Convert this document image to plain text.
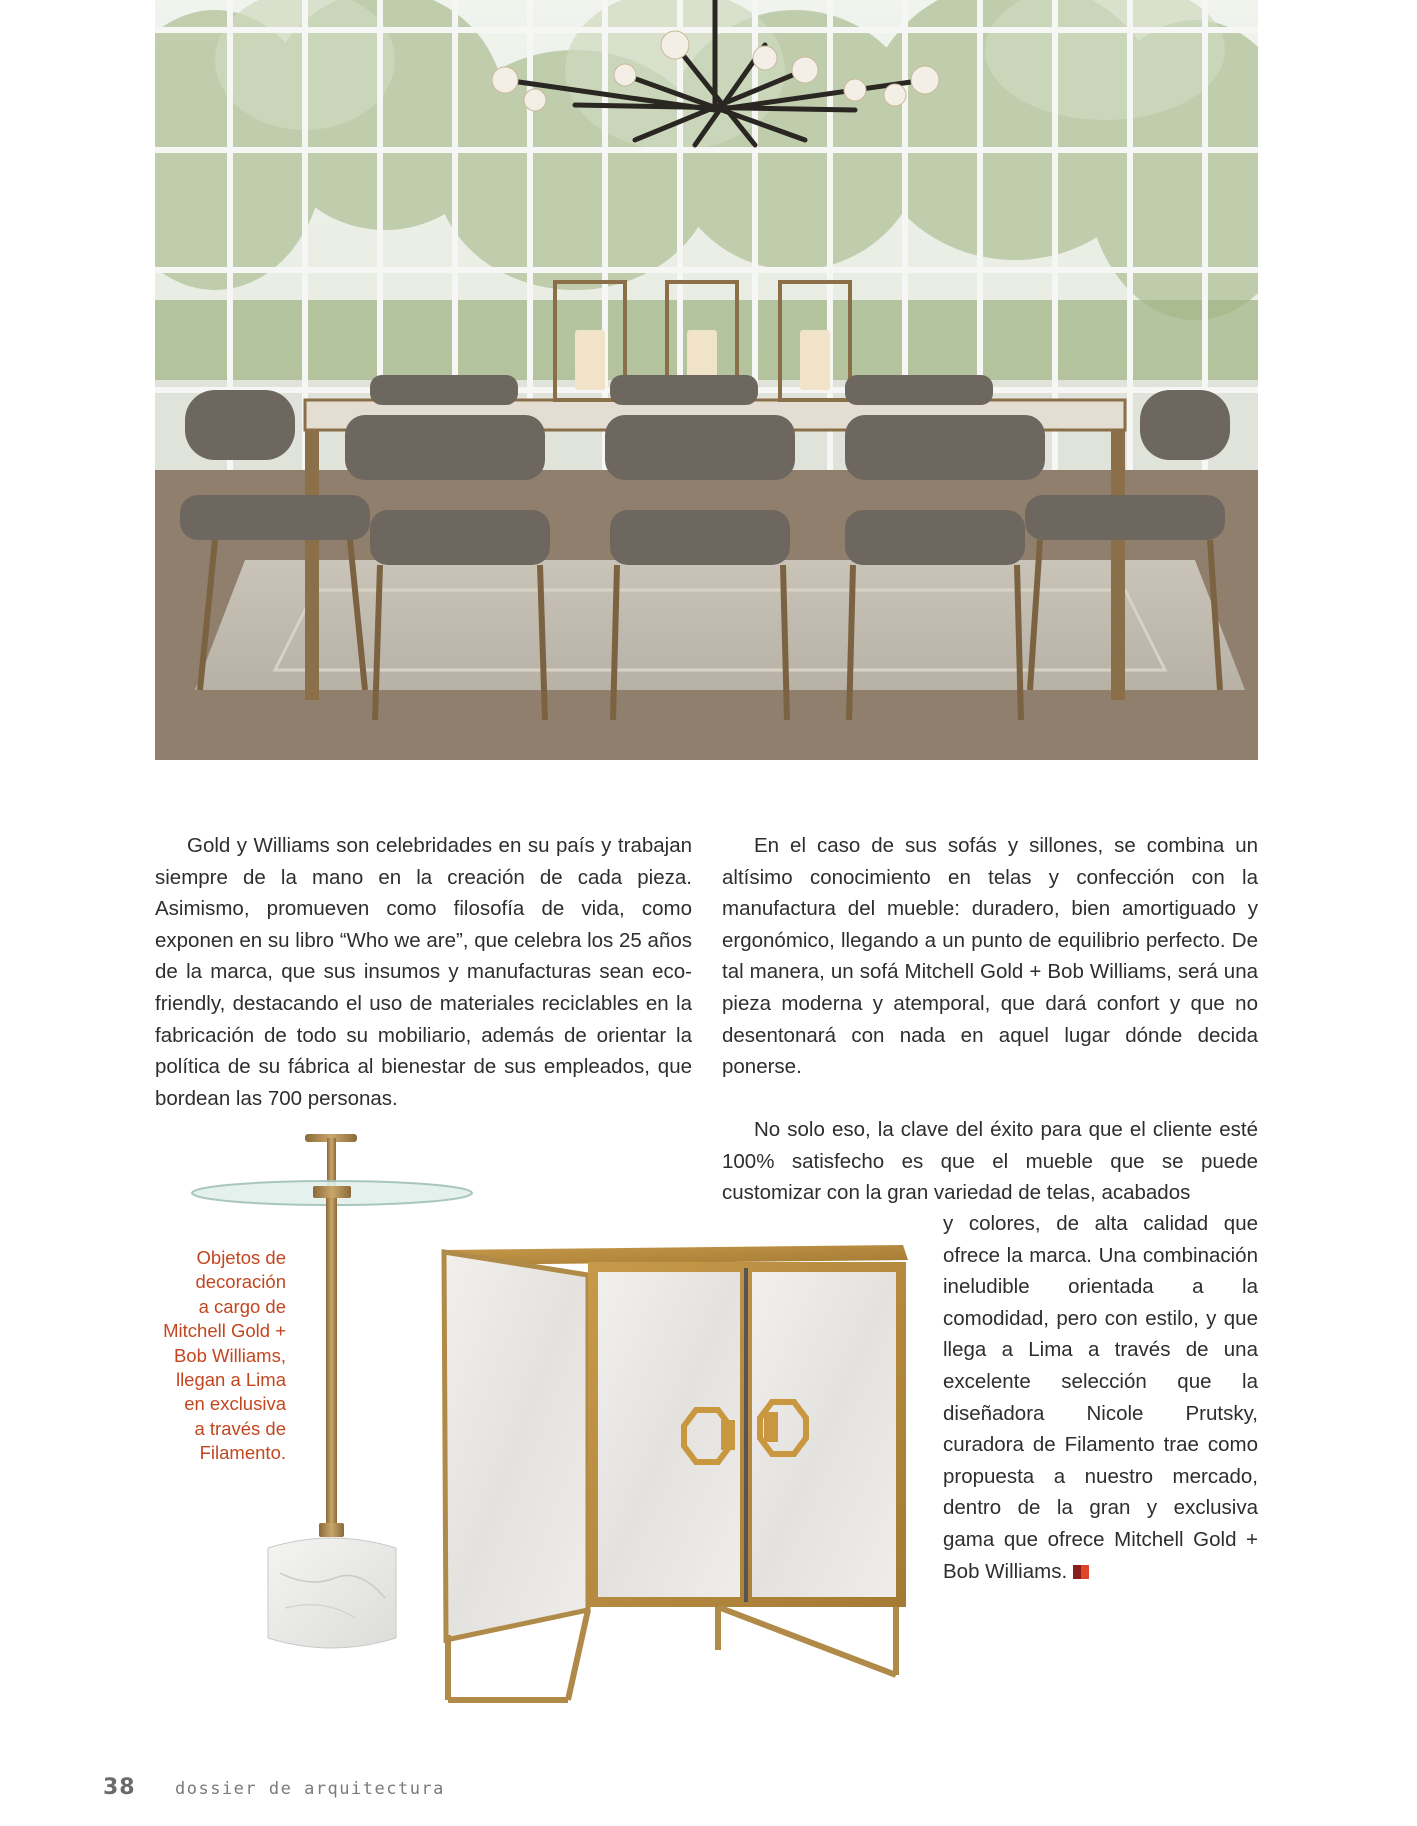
Gold y Williams son celebridades en su país y trabajan siempre de la mano en la creación de cada pieza. Asimismo, promueven como filosofía de vida, como exponen en su libro “Who we are”, que celebra los 25 años de la marca, que sus insumos y manufacturas sean eco-friendly, destacando el uso de materiales reciclables en la fabricación de todo su mobiliario, además de orientar la política de su fábrica al bienestar de sus empleados, que bordean las 700 personas.

En el caso de sus sofás y sillones, se combina un altísimo conocimiento en telas y confección con la manufactura del mueble: duradero, bien amortiguado y ergonómico, llegando a un punto de equilibrio perfecto. De tal manera, un sofá Mitchell Gold + Bob Williams, será una pieza moderna y atemporal, que dará confort y que no desentonará con nada en aquel lugar dónde decida ponerse.

No solo eso, la clave del éxito para que el cliente esté 100% satisfecho es que el mueble que se puede customizar con la gran variedad de telas, acabados

y colores, de alta calidad que ofrece la marca. Una combinación ineludible orientada a la comodidad, pero con estilo, y que llega a Lima a través de una excelente selección que la diseñadora Nicole Prutsky, curadora de Filamento trae como propuesta a nuestro mercado, dentro de la gran y exclusiva gama que ofrece Mitchell Gold + Bob Williams.

Objetos de
decoración
a cargo de
Mitchell Gold +
Bob Williams,
llegan a Lima
en exclusiva
a través de
Filamento.
38 dossier de arquitectura
